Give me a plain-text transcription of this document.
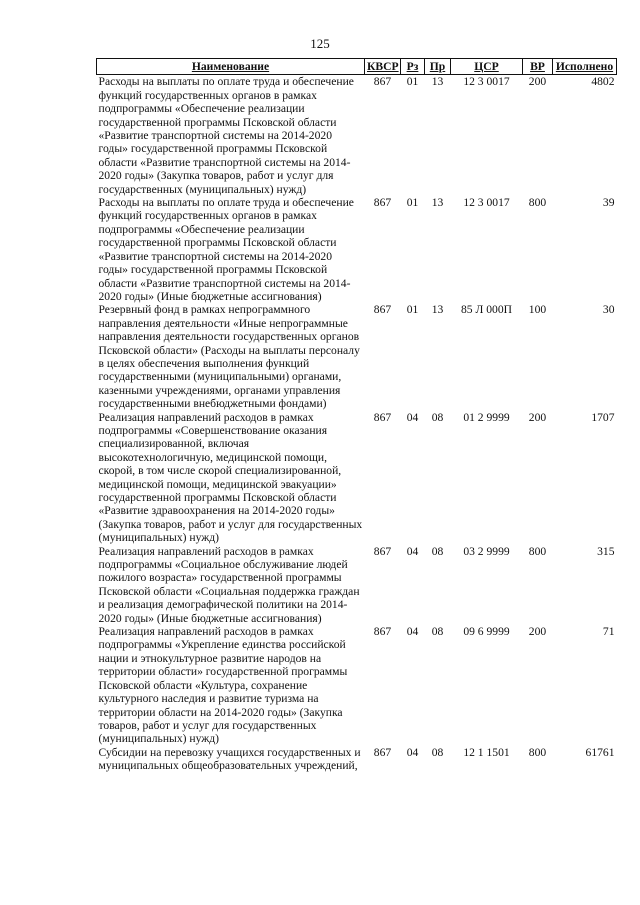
125
Наименование	КВСР	Рз	Пр	ЦСР	ВР	Исполнено
Расходы на выплаты по оплате труда и обеспечение функций государственных органов в рамках подпрограммы «Обеспечение реализации государственной программы Псковской области «Развитие транспортной системы на 2014-2020 годы» государственной программы Псковской области «Развитие транспортной системы на 2014-2020 годы» (Закупка товаров, работ и услуг для государственных (муниципальных) нужд)	867	01	13	12 3 0017	200	4802
Расходы на выплаты по оплате труда и обеспечение функций государственных органов в рамках подпрограммы «Обеспечение реализации государственной программы Псковской области «Развитие транспортной системы на 2014-2020 годы» государственной программы Псковской области «Развитие транспортной системы на 2014-2020 годы» (Иные бюджетные ассигнования)	867	01	13	12 3 0017	800	39
Резервный фонд в рамках непрограммного направления деятельности «Иные непрограммные направления деятельности государственных органов Псковской области» (Расходы на выплаты персоналу в целях обеспечения выполнения функций государственными (муниципальными) органами, казенными учреждениями, органами управления государственными внебюджетными фондами)	867	01	13	85 Л 000П	100	30
Реализация направлений расходов в рамках подпрограммы «Совершенствование оказания специализированной, включая высокотехнологичную, медицинской помощи, скорой, в том числе скорой специализированной, медицинской помощи, медицинской эвакуации» государственной программы Псковской области «Развитие здравоохранения на 2014-2020 годы» (Закупка товаров, работ и услуг для государственных (муниципальных) нужд)	867	04	08	01 2 9999	200	1707
Реализация направлений расходов в рамках подпрограммы «Социальное обслуживание людей пожилого возраста» государственной программы Псковской области «Социальная поддержка граждан и реализация демографической политики на 2014-2020 годы» (Иные бюджетные ассигнования)	867	04	08	03 2 9999	800	315
Реализация направлений расходов в рамках подпрограммы «Укрепление единства российской нации и этнокультурное развитие народов на территории области» государственной программы Псковской области «Культура, сохранение культурного наследия и развитие туризма на территории области на 2014-2020 годы» (Закупка товаров, работ и услуг для государственных (муниципальных) нужд)	867	04	08	09 6 9999	200	71
Субсидии на перевозку учащихся государственных и муниципальных общеобразовательных учреждений,	867	04	08	12 1 1501	800	61761
